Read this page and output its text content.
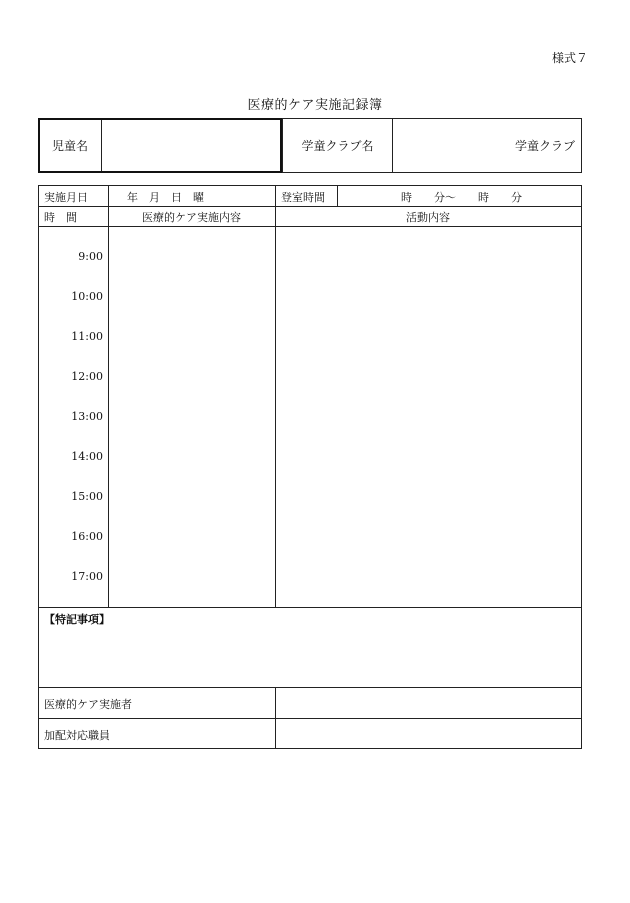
様式７
医療的ケア実施記録簿
児童名	学童クラブ名	学童クラブ
実施月日	年　月　日　曜	登室時間	時　　分～　　時　　分
時　間	医療的ケア実施内容	活動内容
9:00
10:00
11:00
12:00
13:00
14:00
15:00
16:00
17:00
【特記事項】
医療的ケア実施者
加配対応職員
